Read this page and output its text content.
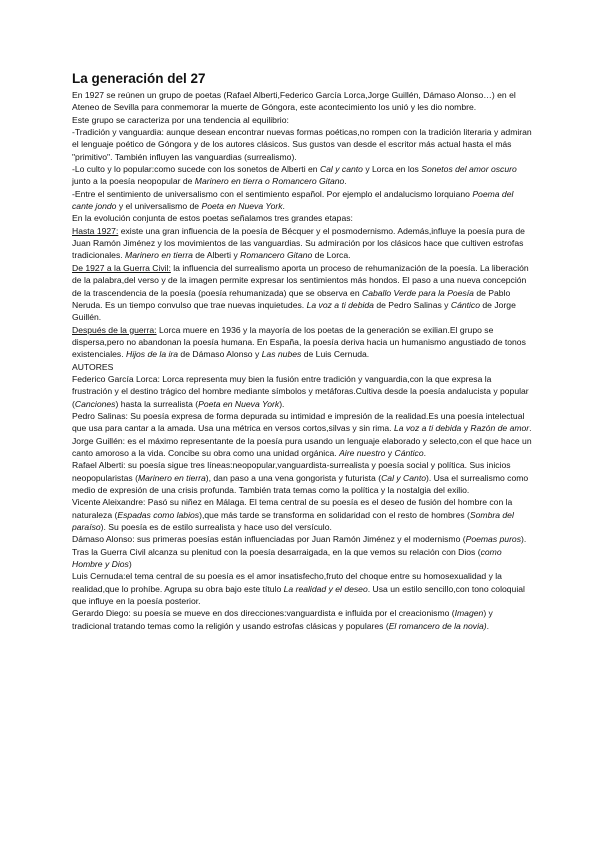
La generación del 27

En 1927 se reúnen un grupo de poetas (Rafael Alberti,Federico García Lorca,Jorge Guillén, Dámaso Alonso…) en el Ateneo de Sevilla para conmemorar la muerte de Góngora, este acontecimiento los unió y les dio nombre.

Este grupo se caracteriza por una tendencia al equilibrio:

-Tradición y vanguardia: aunque desean encontrar nuevas formas poéticas,no rompen con la tradición literaria y admiran el lenguaje poético de Góngora y de los autores clásicos. Sus gustos van desde el escritor más actual hasta el más "primitivo". También influyen las vanguardias (surrealismo).

-Lo culto y lo popular:como sucede con los sonetos de Alberti en Cal y canto y Lorca en los Sonetos del amor oscuro junto a la poesía neopopular de Marinero en tierra o Romancero Gitano.

-Entre el sentimiento de universalismo con el sentimiento español. Por ejemplo el andalucismo lorquiano Poema del cante jondo y el universalismo de Poeta en Nueva York.

En la evolución conjunta de estos poetas señalamos tres grandes etapas:

Hasta 1927: existe una gran influencia de la poesía de Bécquer y el posmodernismo. Además,influye la poesía pura de Juan Ramón Jiménez y los movimientos de las vanguardias. Su admiración por los clásicos hace que cultiven estrofas tradicionales. Marinero en tierra de Alberti y Romancero Gitano de Lorca.

De 1927 a la Guerra Civil: la influencia del surrealismo aporta un proceso de rehumanización de la poesía. La liberación de la palabra,del verso y de la imagen permite expresar los sentimientos más hondos. El paso a una nueva concepción de la trascendencia de la poesía (poesía rehumanizada) que se observa en Caballo Verde para la Poesía de Pablo Neruda. Es un tiempo convulso que trae nuevas inquietudes. La voz a ti debida de Pedro Salinas y Cántico de Jorge Guillén.

Después de la guerra: Lorca muere en 1936 y la mayoría de los poetas de la generación se exilian.El grupo se dispersa,pero no abandonan la poesía humana. En España, la poesía deriva hacia un humanismo angustiado de tonos existenciales. Hijos de la ira de Dámaso Alonso y Las nubes de Luis Cernuda.

AUTORES

Federico García Lorca: Lorca representa muy bien la fusión entre tradición y vanguardia,con la que expresa la frustración y el destino trágico del hombre mediante símbolos y metáforas.Cultiva desde la poesía andalucista y popular (Canciones) hasta la surrealista (Poeta en Nueva York).

Pedro Salinas: Su poesía expresa de forma depurada su intimidad e impresión de la realidad.Es una poesía intelectual que usa para cantar a la amada. Usa una métrica en versos cortos,silvas y sin rima. La voz a ti debida y Razón de amor.

Jorge Guillén: es el máximo representante de la poesía pura usando un lenguaje elaborado y selecto,con el que hace un canto amoroso a la vida. Concibe su obra como una unidad orgánica. Aire nuestro y Cántico.

Rafael Alberti: su poesía sigue tres líneas:neopopular,vanguardista-surrealista y poesía social y política. Sus inicios neopopularistas (Marinero en tierra), dan paso a una vena gongorista y futurista (Cal y Canto). Usa el surrealismo como medio de expresión de una crisis profunda. También trata temas como la política y la nostalgia del exilio.

Vicente Aleixandre: Pasó su niñez en Málaga. El tema central de su poesía es el deseo de fusión del hombre con la naturaleza (Espadas como labios),que más tarde se transforma en solidaridad con el resto de hombres (Sombra del paraíso). Su poesía es de estilo surrealista y hace uso del versículo.

Dámaso Alonso: sus primeras poesías están influenciadas por Juan Ramón Jiménez y el modernismo (Poemas puros). Tras la Guerra Civil alcanza su plenitud con la poesía desarraigada, en la que vemos su relación con Dios (como Hombre y Dios)

Luis Cernuda:el tema central de su poesía es el amor insatisfecho,fruto del choque entre su homosexualidad y la realidad,que lo prohíbe. Agrupa su obra bajo este título La realidad y el deseo. Usa un estilo sencillo,con tono coloquial que influye en la poesía posterior.

Gerardo Diego: su poesía se mueve en dos direcciones:vanguardista e influida por el creacionismo (Imagen) y tradicional tratando temas como la religión y usando estrofas clásicas y populares (El romancero de la novia).
